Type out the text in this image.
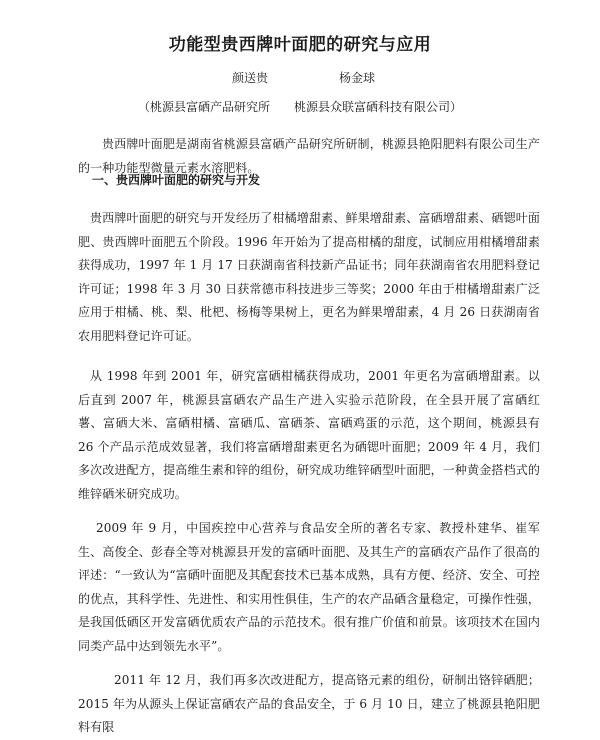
功能型贵西牌叶面肥的研究与应用
颜送贵	杨金球
（桃源县富硒产品研究所　　桃源县众联富硒科技有限公司）

贵西牌叶面肥是湖南省桃源县富硒产品研究所研制，桃源县艳阳肥料有限公司生产的一种功能型微量元素水溶肥料。

一、贵西牌叶面肥的研究与开发

贵西牌叶面肥的研究与开发经历了柑橘增甜素、鲜果增甜素、富硒增甜素、硒锶叶面肥、贵西牌叶面肥五个阶段。1996 年开始为了提高柑橘的甜度，试制应用柑橘增甜素获得成功，1997 年 1 月 17 日获湖南省科技新产品证书；同年获湖南省农用肥料登记许可证；1998 年 3 月 30 日获常德市科技进步三等奖；2000 年由于柑橘增甜素广泛应用于柑橘、桃、梨、枇杷、杨梅等果树上，更名为鲜果增甜素，4 月 26 日获湖南省农用肥料登记许可证。

从 1998 年到 2001 年，研究富硒柑橘获得成功，2001 年更名为富硒增甜素。以后直到 2007 年，桃源县富硒农产品生产进入实验示范阶段，在全县开展了富硒红薯、富硒大米、富硒柑橘、富硒瓜、富硒茶、富硒鸡蛋的示范，这个期间，桃源县有 26 个产品示范成效显著，我们将富硒增甜素更名为硒锶叶面肥；2009 年 4 月，我们多次改进配方，提高维生素和锌的组份，研究成功维锌硒型叶面肥，一种黄金搭档式的维锌硒米研究成功。

2009 年 9 月，中国疾控中心营养与食品安全所的著名专家、教授朴建华、崔军生、高俊全、彭春全等对桃源县开发的富硒叶面肥、及其生产的富硒农产品作了很高的评述：“一致认为“富硒叶面肥及其配套技术已基本成熟，具有方便、经济、安全、可控的优点，其科学性、先进性、和实用性俱佳，生产的农产品硒含量稳定，可操作性强，是我国低硒区开发富硒优质农产品的示范技术。很有推广价值和前景。该项技术在国内同类产品中达到领先水平”。

2011 年 12 月，我们再多次改进配方，提高铬元素的组份，研制出铬锌硒肥；2015 年为从源头上保证富硒农产品的食品安全，于 6 月 10 日，建立了桃源县艳阳肥料有限
